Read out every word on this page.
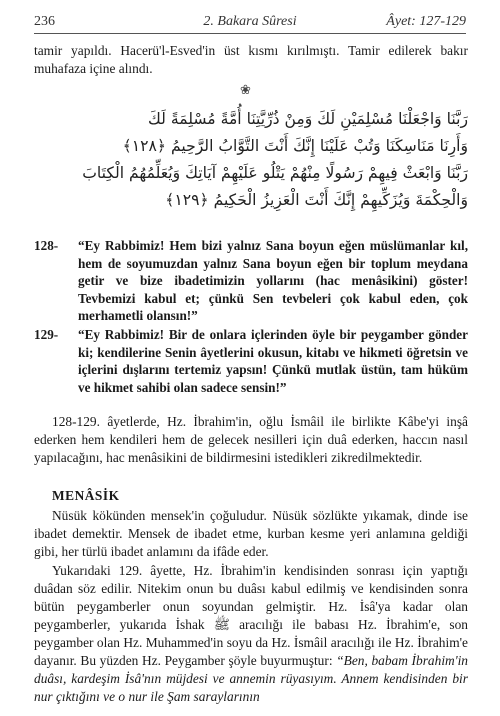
236	2. Bakara Sûresi	Âyet: 127-129

tamir yapıldı. Hacerü'l-Esved'in üst kısmı kırılmıştı. Tamir edilerek bakır muhafaza içine alındı.

❀
رَبَّنَا وَاجْعَلْنَا مُسْلِمَيْنِ لَكَ وَمِنْ ذُرِّيَّتِنَا أُمَّةً مُسْلِمَةً لَكَ
وَأَرِنَا مَنَاسِكَنَا وَتُبْ عَلَيْنَا إِنَّكَ أَنْتَ التَّوَّابُ الرَّحِيمُ ﴿١٢٨﴾
رَبَّنَا وَابْعَثْ فِيهِمْ رَسُولًا مِنْهُمْ يَتْلُو عَلَيْهِمْ آيَاتِكَ وَيُعَلِّمُهُمُ الْكِتَابَ
وَالْحِكْمَةَ وَيُزَكِّيهِمْ إِنَّكَ أَنْتَ الْعَزِيزُ الْحَكِيمُ ﴿١٢٩﴾
128- “Ey Rabbimiz! Hem bizi yalnız Sana boyun eğen müslümanlar kıl, hem de soyumuzdan yalnız Sana boyun eğen bir toplum meydana getir ve bize ibadetimizin yollarını (hac menâsikini) göster! Tevbemizi kabul et; çünkü Sen tevbeleri çok kabul eden, çok merhametli olansın!”
129- “Ey Rabbimiz! Bir de onlara içlerinden öyle bir peygamber gönder ki; kendilerine Senin âyetlerini okusun, kitabı ve hikmeti öğretsin ve içlerini dışlarını tertemiz yapsın! Çünkü mutlak üstün, tam hüküm ve hikmet sahibi olan sadece sensin!”

128-129. âyetlerde, Hz. İbrahim'in, oğlu İsmâil ile birlikte Kâbe'yi inşâ ederken hem kendileri hem de gelecek nesilleri için duâ ederken, haccın nasıl yapılacağını, hac menâsikini de bildirmesini istedikleri zikredilmektedir.

MENÂSİK

Nüsük kökünden mensek'in çoğuludur. Nüsük sözlükte yıkamak, dinde ise ibadet demektir. Mensek de ibadet etme, kurban kesme yeri anlamına geldiği gibi, her türlü ibadet anlamını da ifâde eder.

Yukarıdaki 129. âyette, Hz. İbrahim'in kendisinden sonrası için yaptığı duâdan söz edilir. Nitekim onun bu duâsı kabul edilmiş ve kendisinden sonra bütün peygamberler onun soyundan gelmiştir. Hz. İsâ'ya kadar olan peygamberler, yukarıda İshak ﷺ aracılığı ile babası Hz. İbrahim'e, son peygamber olan Hz. Muhammed'in soyu da Hz. İsmâil aracılığı ile Hz. İbrahim'e dayanır. Bu yüzden Hz. Peygamber şöyle buyurmuştur: “Ben, babam İbrahim'in duâsı, kardeşim İsâ'nın müjdesi ve annemin rüyasıyım. Annem kendisinden bir nur çıktığını ve o nur ile Şam saraylarının
